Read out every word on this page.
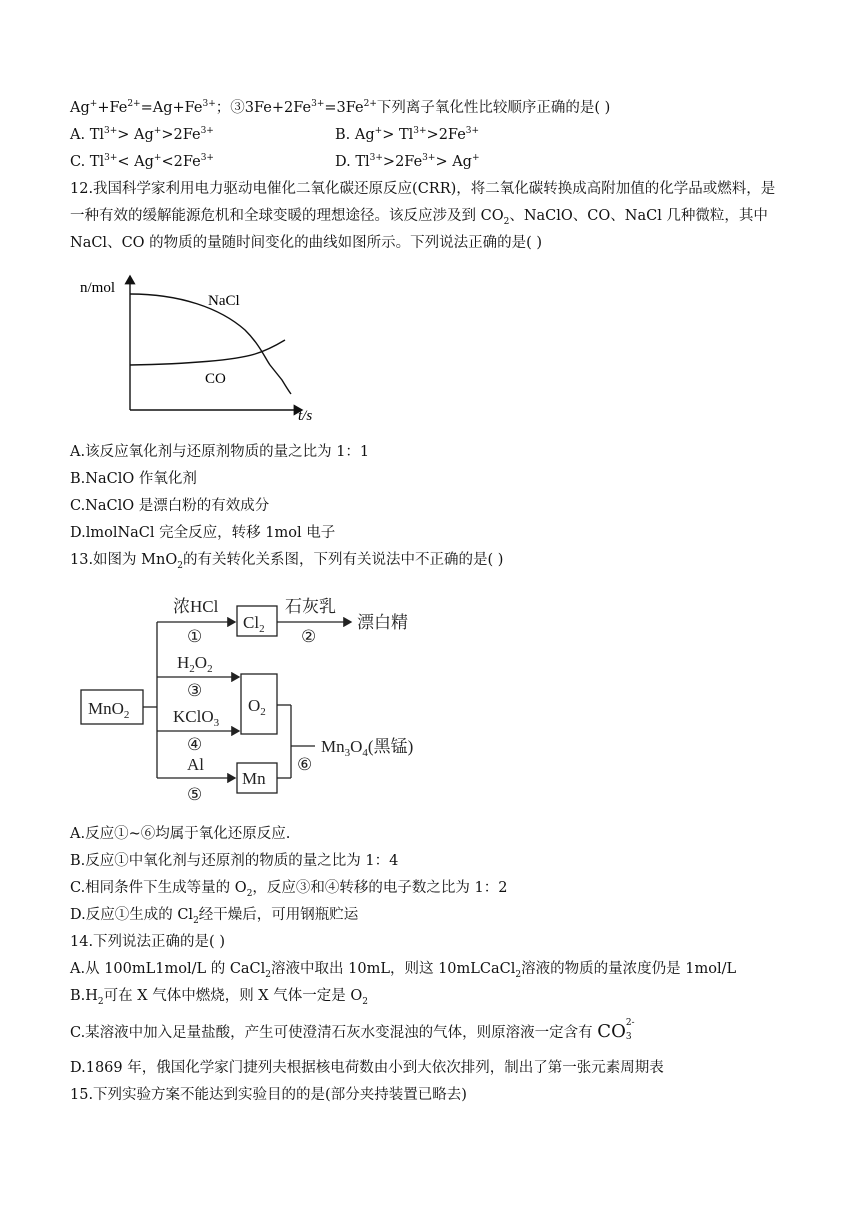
$Ag^++Fe^{2+}=Ag+Fe^{3+}$；$③3Fe+2Fe^{3+}=3Fe^{2+}$下列离子氧化性比较顺序正确的是( )
A. $Tl^{3+}> Ag^+>2Fe^{3+}$	B. $Ag^+> Tl^{3+}>2Fe^{3+}$
C. $Tl^{3+}< Ag^+<2Fe^{3+}$	D. $Tl^{3+}>2Fe^{3+}> Ag^+$
12.我国科学家利用电力驱动电催化二氧化碳还原反应(CRR)，将二氧化碳转换成高附加值的化学品或燃料，是
一种有效的缓解能源危机和全球变暖的理想途径。该反应涉及到 $CO_2$、NaClO、CO、NaCl 几种微粒，其中
NaCl、CO 的物质的量随时间变化的曲线如图所示。下列说法正确的是( )
n/mol
t/s
NaCl
CO
A.该反应氧化剂与还原剂物质的量之比为 1：1
B.NaClO 作氧化剂
C.NaClO 是漂白粉的有效成分
D.lmolNaCl 完全反应，转移 1mol 电子
13.如图为 MnO$_2$的有关转化关系图，下列有关说法中不正确的是( )
MnO$_2$
浓HCl
①
$Cl_2$
石灰乳
②
漂白精
$H_2O_2$
③
$O_2$
KClO$_3$
④
Al
⑤
Mn
⑥
$Mn_3O_4$(黑锰)
A.反应①~⑥均属于氧化还原反应.
B.反应①中氧化剂与还原剂的物质的量之比为 1：4
C.相同条件下生成等量的 $O_2$，反应③和④转移的电子数之比为 1：2
D.反应①生成的 $Cl_2$经干燥后，可用钢瓶贮运
14.下列说法正确的是( )
A.从 100mL1mol/L 的 CaCl$_2$溶液中取出 10mL，则这 10mLCaCl$_2$溶液的物质的量浓度仍是 1mol/L
$B.H_2$可在 X 气体中燃烧，则 X 气体一定是 $O_2$
C.某溶液中加入足量盐酸，产生可使澄清石灰水变混浊的气体，则原溶液一定含有 CO 2-
3
D.1869 年，俄国化学家门捷列夫根据核电荷数由小到大依次排列，制出了第一张元素周期表
15.下列实验方案不能达到实验目的的是(部分夹持装置已略去)
